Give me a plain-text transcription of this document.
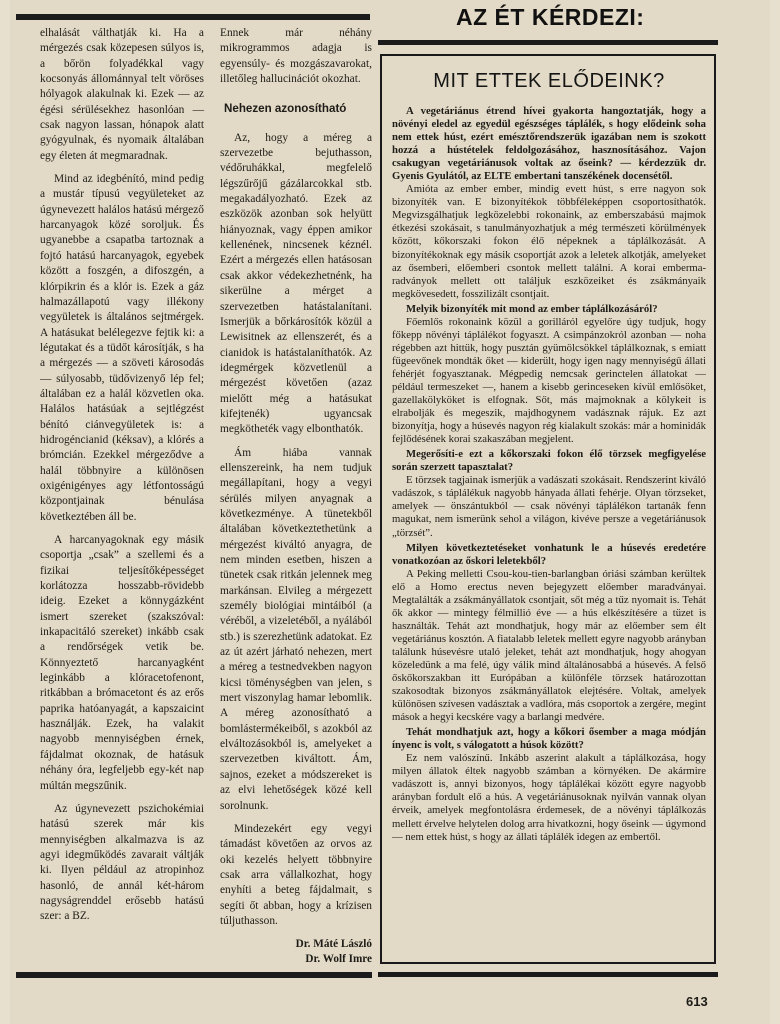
AZ ÉT KÉRDEZI:

elhalását válthatják ki. Ha a mérgezés csak közepesen súlyos is, a bőrön folyadékkal vagy kocsonyás állománnyal telt vöröses hólyagok alakulnak ki. Ezek — az égési sérülésekhez hasonlóan — csak nagyon lassan, hónapok alatt gyógyulnak, és nyomaik általában egy életen át megmaradnak.

Mind az idegbénító, mind pedig a mustár típusú vegyületeket az úgynevezett halálos hatású mérgező harcanyagok közé soroljuk. És ugyanebbe a csapatba tartoznak a fojtó hatású harcanyagok, egyebek között a foszgén, a difoszgén, a klórpikrin és a klór is. Ezek a gáz halmazállapotú vagy illékony vegyületek is általános sejtmérgek. A hatásukat belélegezve fejtik ki: a légutakat és a tüdőt károsítják, s ha a mérgezés — a szöveti károsodás — súlyosabb, tüdővizenyő lép fel; általában ez a halál közvetlen oka. Halálos hatásúak a sejtlégzést bénító ciánvegyületek is: a hidrogéncianid (kéksav), a klórés a brómcián. Ezekkel mérgeződve a halál többnyire a különösen oxigénigényes agy létfontosságú központjainak bénulása következtében áll be.

A harcanyagoknak egy másik csoportja „csak” a szellemi és a fizikai teljesítőképességet korlátozza hosszabb-rövidebb ideig. Ezeket a könnygázként ismert szereket (szakszóval: inkapacitáló szereket) inkább csak a rendőrségek vetik be. Könnyeztető harcanyagként leginkább a klóracetofenont, ritkábban a brómacetont és az erős paprika hatóanyagát, a kapszaicint használják. Ezek, ha valakit nagyobb mennyiségben érnek, fájdalmat okoznak, de hatásuk néhány óra, legfeljebb egy-két nap múltán megszűnik.

Az úgynevezett pszichokémiai hatású szerek már kis mennyiségben alkalmazva is az agyi idegműködés zavarait váltják ki. Ilyen például az atropinhoz hasonló, de annál két-három nagyságrenddel erősebb hatású szer: a BZ.

Ennek már néhány mikrogrammos adagja is egyensúly- és mozgászavarokat, illetőleg hallucinációt okozhat.

Nehezen azonosítható

Az, hogy a méreg a szervezetbe bejuthasson, védőruhákkal, megfelelő légszűrőjű gázálarcokkal stb. megakadályozható. Ezek az eszközök azonban sok helyütt hiányoznak, vagy éppen amikor kellenének, nincsenek kéznél. Ezért a mérgezés ellen hatásosan csak akkor védekezhetnénk, ha sikerülne a mérget a szervezetben hatástalanítani. Ismerjük a bőrkárosítók közül a Lewisitnek az ellenszerét, és a cianidok is hatástalaníthatók. Az idegmérgek közvetlenül a mérgezést követően (azaz mielőtt még a hatásukat kifejtenék) ugyancsak megkötheték vagy elbonthatók.

Ám hiába vannak ellenszereink, ha nem tudjuk megállapítani, hogy a vegyi sérülés milyen anyagnak a következménye. A tünetekből általában következtethetünk a mérgezést kiváltó anyagra, de nem minden esetben, hiszen a tünetek csak ritkán jelennek meg markánsan. Elvileg a mérgezett személy biológiai mintáiból (a véréből, a vizeletéből, a nyálából stb.) is szerezhetünk adatokat. Ez az út azért járható nehezen, mert a méreg a testnedvekben nagyon kicsi töménységben van jelen, s mert viszonylag hamar lebomlik. A méreg azonosítható a bomlástermékeiből, s azokból az elváltozásokból is, amelyeket a szervezetben kiváltott. Ám, sajnos, ezeket a módszereket is az elvi lehetőségek közé kell sorolnunk.

Mindezekért egy vegyi támadást követően az orvos az oki kezelés helyett többnyire csak arra vállalkozhat, hogy enyhíti a beteg fájdalmait, s segíti őt abban, hogy a krízisen túljuthasson.

Dr. Máté László
Dr. Wolf Imre
MIT ETTEK ELŐDEINK?

A vegetáriánus étrend hívei gyakorta hangoztatják, hogy a növényi eledel az egyedül egészséges táplálék, s hogy elődeink soha nem ettek húst, ezért emésztőrendszerük igazában nem is szokott hozzá a hústételek feldolgozásához, hasznosításához. Vajon csakugyan vegetáriánusok voltak az őseink? — kérdezzük dr. Gyenis Gyulától, az ELTE embertani tanszékének docensétől.

Amióta az ember ember, mindig evett húst, s erre nagyon sok bizonyíték van. E bizonyítékok többféleképpen csoportosíthatók. Megvizsgálhatjuk legközelebbi rokonaink, az emberszabású majmok étkezési szokásait, s tanulmányozhatjuk a még természeti körülmények között, kőkorszaki fokon élő népeknek a táplálkozását. A bizonyítékoknak egy másik csoportját azok a leletek alkotják, amelyeket az ősemberi, előemberi csontok mellett találni. A korai emberma- radványok mellett ott találjuk eszközeiket és zsákmányaik megkövesedett, fosszilizált csontjait.

Melyik bizonyíték mit mond az ember táplálkozásáról?

Főemlős rokonaink közül a gorilláról egyelőre úgy tudjuk, hogy főkepp növényi táplálékot fogyaszt. A csimpánzokról azonban — noha régebben azt hittük, hogy pusztán gyümölcsökkel táplálkoznak, s emiatt fügeevőnek mondták őket — kiderült, hogy igen nagy mennyiségű állati fehérjét fogyasztanak. Mégpedig nemcsak gerinctelen állatokat — például termeszeket —, hanem a kisebb gerinceseken kívül emlősöket, gazellakölyköket is elfognak. Sőt, más majmoknak a kölykeit is elrabolják és megeszik, majdhogynem vadásznak rájuk. Ez azt bizonyítja, hogy a húsevés nagyon rég kialakult szokás: már a hominidák fejlődésének korai szakaszában megjelent.

Megerősíti-e ezt a kőkorszaki fokon élő törzsek megfigyelése során szerzett tapasztalat?

E törzsek tagjainak ismerjük a vadászati szokásait. Rendszerint kiváló vadászok, s táplálékuk nagyobb hányada állati fehérje. Olyan törzseket, amelyek — önszántukból — csak növényi táplálékon tartanák fenn magukat, nem ismerünk sehol a világon, kivéve persze a vegetáriánusok „törzsét”.

Milyen következtetéseket vonhatunk le a húsevés eredetére vonatkozóan az őskori leletekből?

A Peking melletti Csou-kou-tien-barlangban óriási számban kerültek elő a Homo erectus neven bejegyzett előember maradványai. Megtalálták a zsákmányállatok csontjait, sőt még a tűz nyomait is. Tehát ők akkor — mintegy félmillió éve — a hús elkészítésére a tüzet is használták. Tehát azt mondhatjuk, hogy már az előember sem élt vegetáriánus kosztón. A fiatalabb leletek mellett egyre nagyobb arányban találunk húsevésre utaló jeleket, tehát azt mondhatjuk, hogy ahogyan közeledünk a ma felé, úgy válik mind általánosabbá a húsevés. A felső őskőkorszakban itt Európában a különféle törzsek határozottan szakosodtak bizonyos zsákmányállatok elejtésére. Voltak, amelyek különösen szívesen vadásztak a vadlóra, más csoportok a zergére, megint mások a hegyi kecskére vagy a barlangi medvére.

Tehát mondhatjuk azt, hogy a kőkori ősember a maga módján ínyenc is volt, s válogatott a húsok között?

Ez nem valószínű. Inkább aszerint alakult a táplálkozása, hogy milyen állatok éltek nagyobb számban a környéken. De akármire vadászott is, annyi bizonyos, hogy táplálékai között egyre nagyobb arányban fordult elő a hús. A vegetáriánusoknak nyilván vannak olyan érveik, amelyek megfontolásra érdemesek, de a növényi táplálkozás mellett érvelve helytelen dolog arra hivatkozni, hogy őseink — úgymond — nem ettek húst, s hogy az állati táplálék idegen az embertől.

613
